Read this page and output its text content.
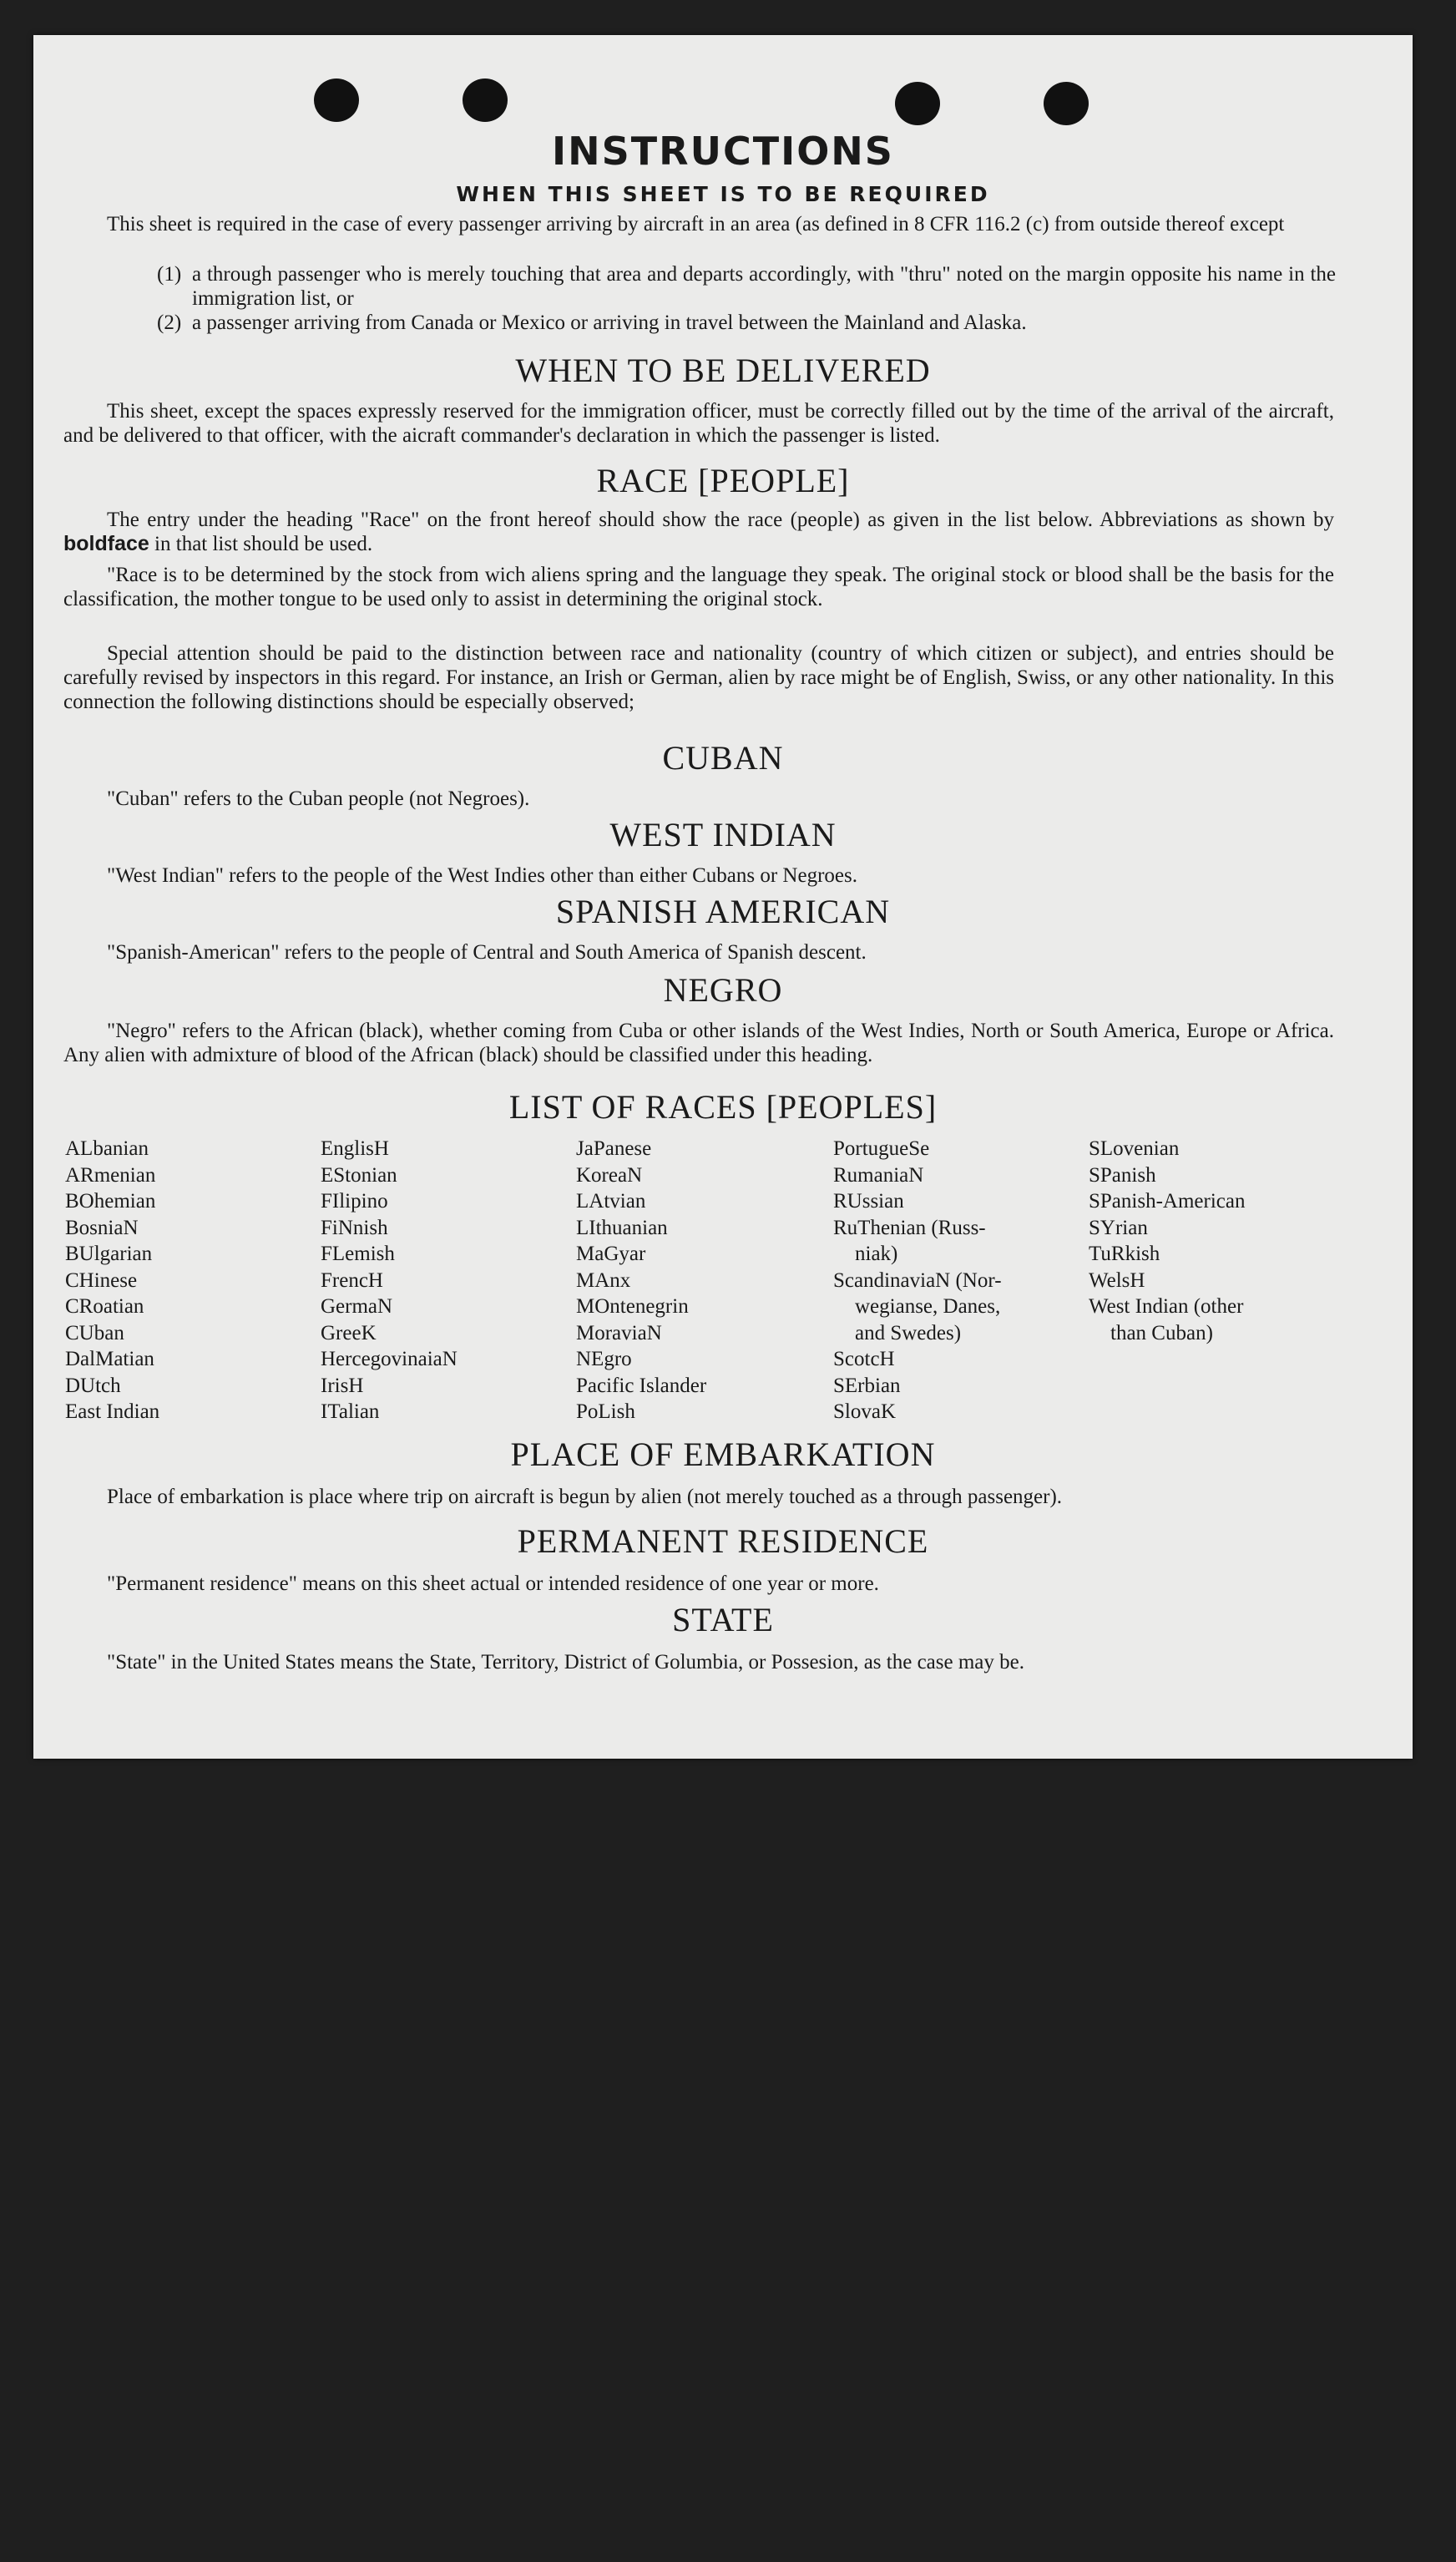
INSTRUCTIONS
WHEN THIS SHEET IS TO BE REQUIRED
This sheet is required in the case of every passenger arriving by aircraft in an area (as defined in 8 CFR 116.2 (c) from outside thereof except
(1) a through passenger who is merely touching that area and departs accordingly, with "thru" noted on the margin opposite his name in the immigration list, or
(2) a passenger arriving from Canada or Mexico or arriving in travel between the Mainland and Alaska.
WHEN TO BE DELIVERED
This sheet, except the spaces expressly reserved for the immigration officer, must be correctly filled out by the time of the arrival of the aircraft, and be delivered to that officer, with the aicraft commander's declaration in which the passenger is listed.
RACE [PEOPLE]
The entry under the heading "Race" on the front hereof should show the race (people) as given in the list below. Abbreviations as shown by boldface in that list should be used.
"Race is to be determined by the stock from wich aliens spring and the language they speak. The original stock or blood shall be the basis for the classification, the mother tongue to be used only to assist in determining the original stock.
Special attention should be paid to the distinction between race and nationality (country of which citizen or subject), and entries should be carefully revised by inspectors in this regard. For instance, an Irish or German, alien by race might be of English, Swiss, or any other nationality. In this connection the following distinctions should be especially observed;
CUBAN
"Cuban" refers to the Cuban people (not Negroes).
WEST INDIAN
"West Indian" refers to the people of the West Indies other than either Cubans or Negroes.
SPANISH AMERICAN
"Spanish-American" refers to the people of Central and South America of Spanish descent.
NEGRO
"Negro" refers to the African (black), whether coming from Cuba or other islands of the West Indies, North or South America, Europe or Africa. Any alien with admixture of blood of the African (black) should be classified under this heading.
LIST OF RACES [PEOPLES]
ALbanian
ARmenian
BOhemian
BosniaN
BUlgarian
CHinese
CRoatian
CUban
DalMatian
DUtch
East Indian
EnglisH
EStonian
FIlipino
FiNnish
FLemish
FrencH
GermaN
GreeK
HercegovinaiaN
IrisH
ITalian
JaPanese
KoreaN
LAtvian
LIthuanian
MaGyar
MAnx
MOntenegrin
MoraviaN
NEgro
Pacific Islander
PoLish
PortugueSe
RumaniaN
RUssian
RuThenian (Russ-
niak)
ScandinaviaN (Nor-
wegianse, Danes,
and Swedes)
ScotcH
SErbian
SlovaK
SLovenian
SPanish
SPanish-American
SYrian
TuRkish
WelsH
West Indian (other
than Cuban)
PLACE OF EMBARKATION
Place of embarkation is place where trip on aircraft is begun by alien (not merely touched as a through passenger).
PERMANENT RESIDENCE
"Permanent residence" means on this sheet actual or intended residence of one year or more.
STATE
"State" in the United States means the State, Territory, District of Golumbia, or Possesion, as the case may be.
